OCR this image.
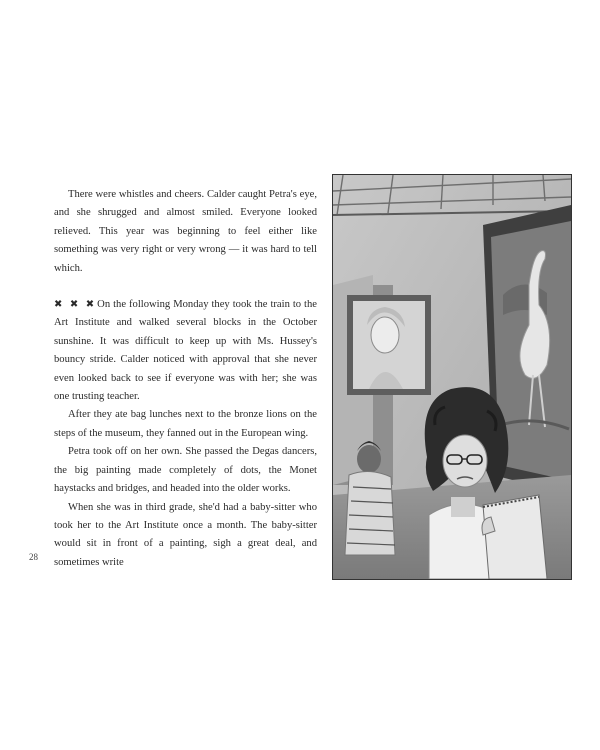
There were whistles and cheers. Calder caught Petra's eye, and she shrugged and almost smiled. Everyone looked relieved. This year was beginning to feel either like something was very right or very wrong — it was hard to tell which.

✖ ✖ ✖On the following Monday they took the train to the Art Institute and walked several blocks in the October sunshine. It was difficult to keep up with Ms. Hussey's bouncy stride. Calder noticed with approval that she never even looked back to see if everyone was with her; she was one trusting teacher.

After they ate bag lunches next to the bronze lions on the steps of the museum, they fanned out in the European wing.

Petra took off on her own. She passed the Degas dancers, the big painting made completely of dots, the Monet haystacks and bridges, and headed into the older works.

When she was in third grade, she'd had a baby-sitter who took her to the Art Institute once a month. The baby-sitter would sit in front of a painting, sigh a great deal, and sometimes write

28
